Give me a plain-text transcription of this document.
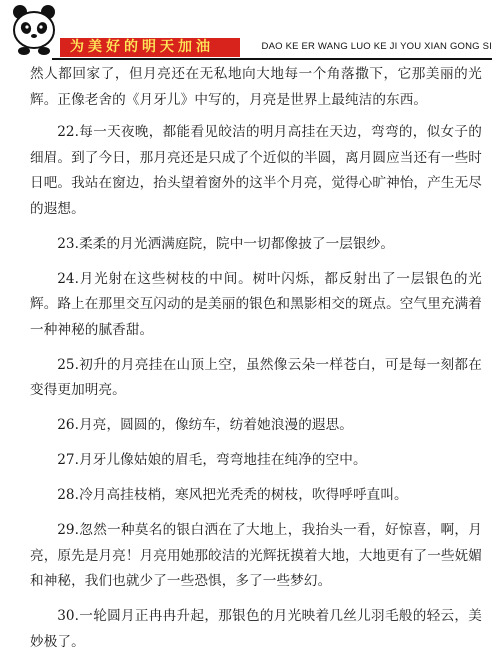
为美好的明天加油	DAO KE ER WANG LUO KE JI YOU XIAN GONG SI

然人都回家了，但月亮还在无私地向大地每一个角落撒下，它那美丽的光辉。正像老舍的《月牙儿》中写的，月亮是世界上最纯洁的东西。

22.每一天夜晚，都能看见皎洁的明月高挂在天边，弯弯的，似女子的细眉。到了今日，那月亮还是只成了个近似的半圆，离月圆应当还有一些时日吧。我站在窗边，抬头望着窗外的这半个月亮，觉得心旷神怡，产生无尽的遐想。

23.柔柔的月光洒满庭院，院中一切都像披了一层银纱。

24.月光射在这些树枝的中间。树叶闪烁，都反射出了一层银色的光辉。路上在那里交互闪动的是美丽的银色和黑影相交的斑点。空气里充满着一种神秘的腻香甜。

25.初升的月亮挂在山顶上空，虽然像云朵一样苍白，可是每一刻都在变得更加明亮。

26.月亮，圆圆的，像纺车，纺着她浪漫的遐思。

27.月牙儿像姑娘的眉毛，弯弯地挂在纯净的空中。

28.冷月高挂枝梢，寒风把光秃秃的树枝，吹得呼呼直叫。

29.忽然一种莫名的银白洒在了大地上，我抬头一看，好惊喜，啊，月亮，原先是月亮！月亮用她那皎洁的光辉抚摸着大地，大地更有了一些妩媚和神秘，我们也就少了一些恐惧，多了一些梦幻。

30.一轮圆月正冉冉升起，那银色的月光映着几丝儿羽毛般的轻云，美妙极了。
